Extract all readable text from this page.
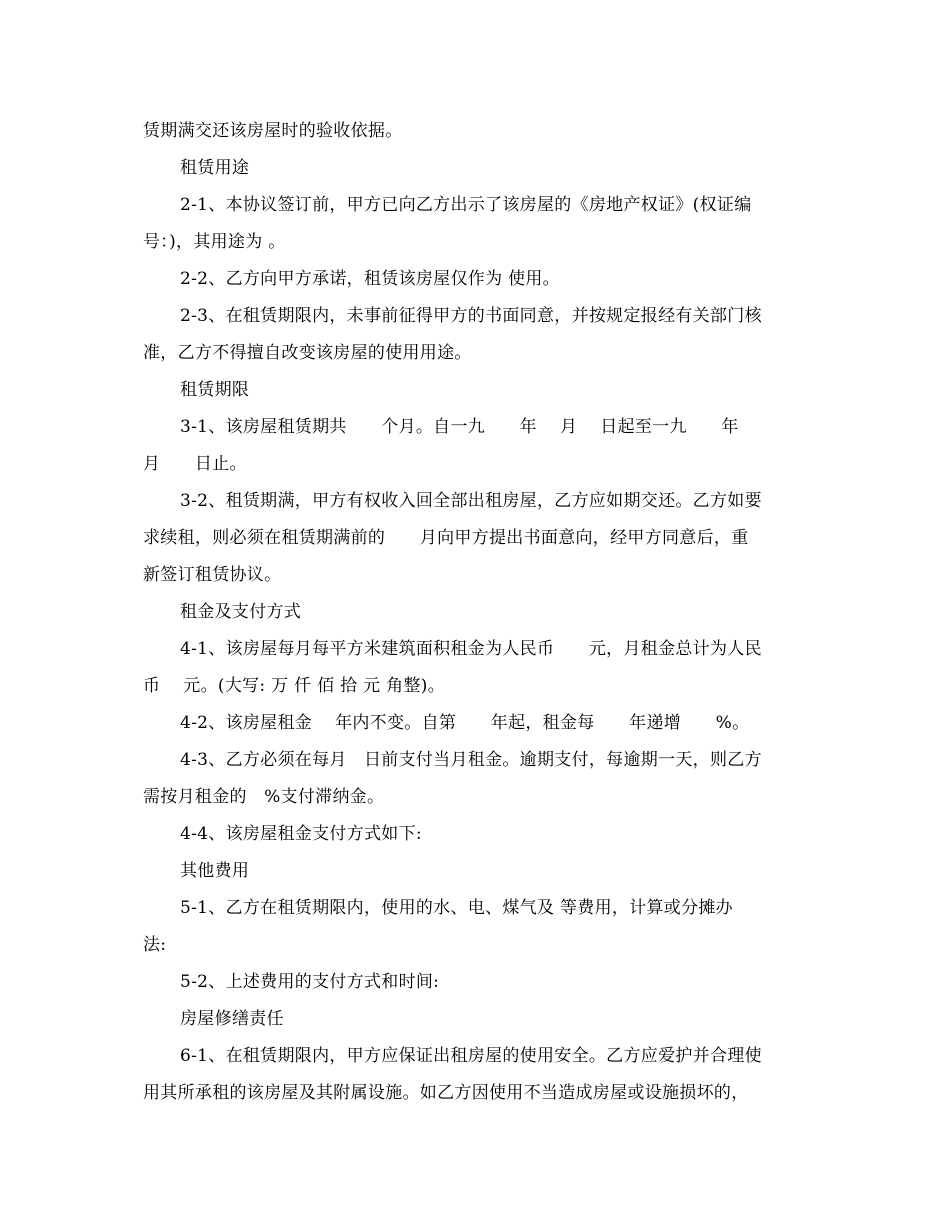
赁期满交还该房屋时的验收依据。
租赁用途
2-1、本协议签订前，甲方已向乙方出示了该房屋的《房地产权证》(权证编
号：)，其用途为 。
2-2、乙方向甲方承诺，租赁该房屋仅作为 使用。
2-3、在租赁期限内，未事前征得甲方的书面同意，并按规定报经有关部门核
准，乙方不得擅自改变该房屋的使用用途。
租赁期限
3-1、该房屋租赁期共　　个月。自一九　　年　 月　 日起至一九　　年
月　　日止。
3-2、租赁期满，甲方有权收入回全部出租房屋，乙方应如期交还。乙方如要
求续租，则必须在租赁期满前的　　月向甲方提出书面意向，经甲方同意后，重
新签订租赁协议。
租金及支付方式
4-1、该房屋每月每平方米建筑面积租金为人民币　　元，月租金总计为人民
币　 元。(大写: 万 仟 佰 拾 元 角整)。
4-2、该房屋租金　 年内不变。自第　　年起，租金每　　年递增　　%。
4-3、乙方必须在每月　日前支付当月租金。逾期支付，每逾期一天，则乙方
需按月租金的　%支付滞纳金。
4-4、该房屋租金支付方式如下:
其他费用
5-1、乙方在租赁期限内，使用的水、电、煤气及 等费用，计算或分摊办
法:
5-2、上述费用的支付方式和时间:
房屋修缮责任
6-1、在租赁期限内，甲方应保证出租房屋的使用安全。乙方应爱护并合理使
用其所承租的该房屋及其附属设施。如乙方因使用不当造成房屋或设施损坏的，
